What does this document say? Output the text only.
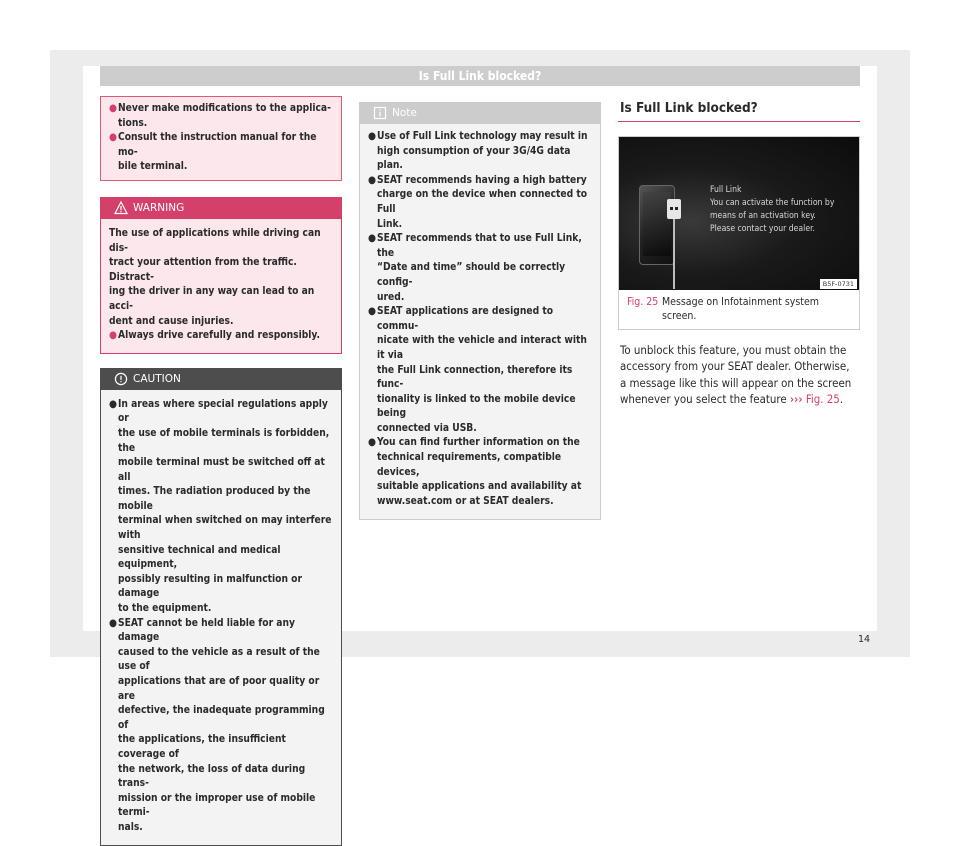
Is Full Link blocked?
● Never make modifications to the applica-
tions.
● Consult the instruction manual for the mo-
bile terminal.
WARNING
The use of applications while driving can dis-
tract your attention from the traffic. Distract-
ing the driver in any way can lead to an acci-
dent and cause injuries.
● Always drive carefully and responsibly.
CAUTION
● In areas where special regulations apply or
the use of mobile terminals is forbidden, the
mobile terminal must be switched off at all
times. The radiation produced by the mobile
terminal when switched on may interfere with
sensitive technical and medical equipment,
possibly resulting in malfunction or damage
to the equipment.
● SEAT cannot be held liable for any damage
caused to the vehicle as a result of the use of
applications that are of poor quality or are
defective, the inadequate programming of
the applications, the insufficient coverage of
the network, the loss of data during trans-
mission or the improper use of mobile termi-
nals.
Note
● Use of Full Link technology may result in
high consumption of your 3G/4G data plan.
● SEAT recommends having a high battery
charge on the device when connected to Full
Link.
● SEAT recommends that to use Full Link, the
“Date and time” should be correctly config-
ured.
● SEAT applications are designed to commu-
nicate with the vehicle and interact with it via
the Full Link connection, therefore its func-
tionality is linked to the mobile device being
connected via USB.
● You can find further information on the
technical requirements, compatible devices,
suitable applications and availability at
www.seat.com or at SEAT dealers.
Is Full Link blocked?
Full Link
You can activate the function by
means of an activation key.
Please contact your dealer.
B5F-0731
Fig. 25 Message on Infotainment system
screen.
To unblock this feature, you must obtain the
accessory from your SEAT dealer. Otherwise,
a message like this will appear on the screen
whenever you select the feature ››› Fig. 25.
14
